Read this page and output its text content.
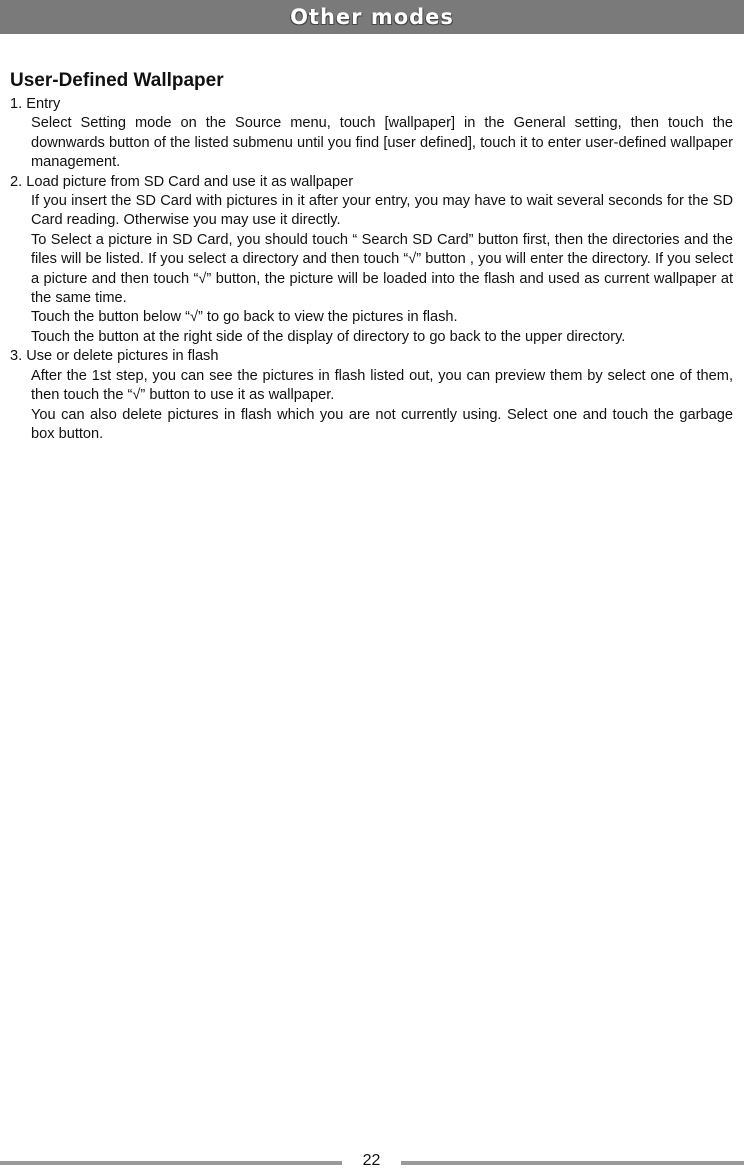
Other modes
User-Defined Wallpaper

1. Entry

Select Setting mode on the Source menu, touch [wallpaper] in the General setting, then touch the downwards button of the listed submenu until you find [user defined], touch it to enter user-defined wallpaper management.

2. Load picture from SD Card and use it as wallpaper

If you insert the SD Card with pictures in it after your entry, you may have to wait several seconds for the SD Card reading. Otherwise you may use it directly.

To Select a picture in SD Card, you should touch “ Search SD Card” button first, then the directories and the files will be listed. If you select a directory and then touch “√” button , you will enter the directory. If you select a picture and then touch “√” button, the picture will be loaded into the flash and used as current wallpaper at the same time.

Touch the button below “√” to go back to view the pictures in flash.

Touch the button at the right side of the display of directory to go back to the upper directory.

3. Use or delete pictures in flash

After the 1st step, you can see the pictures in flash listed out, you can preview them by select one of them, then touch the “√” button to use it as wallpaper.

You can also delete pictures in flash which you are not currently using. Select one and touch the garbage box button.

22
